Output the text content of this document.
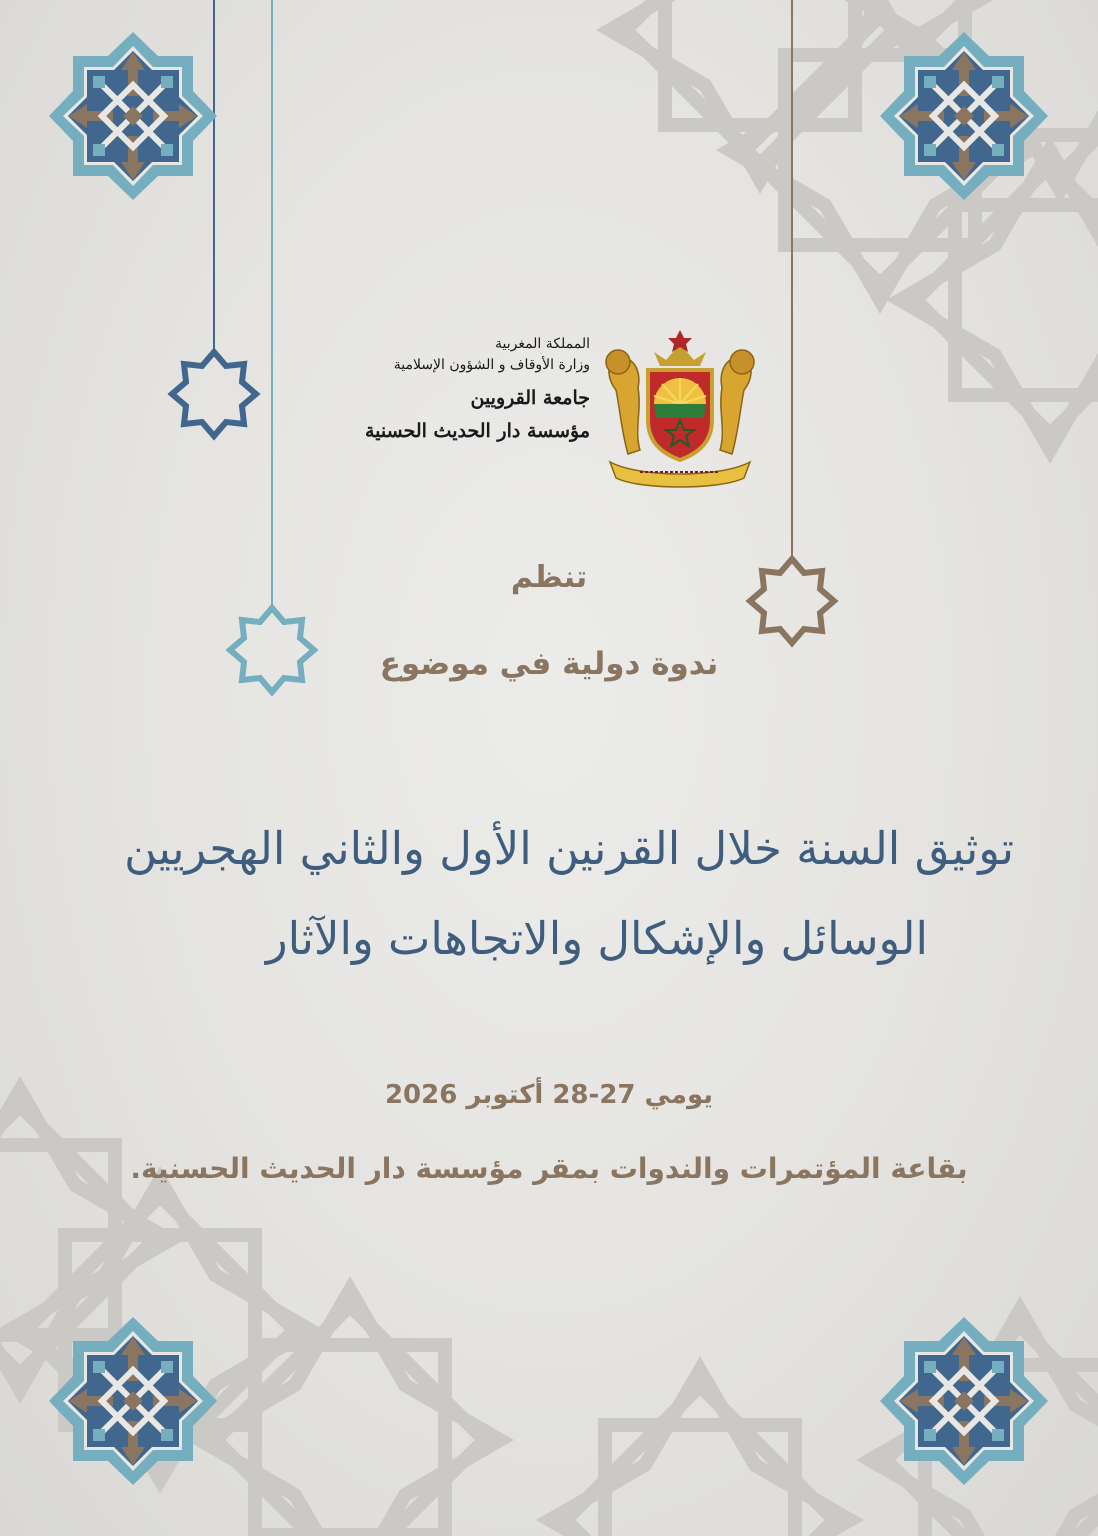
المملكة المغربية

وزارة الأوقاف و الشؤون الإسلامية

جامعة القرويين

مؤسسة دار الحديث الحسنية

تنظم

ندوة دولية في موضوع

توثيق السنة خلال القرنين الأول والثاني الهجريين

الوسائل والإشكال والاتجاهات والآثار

يومي 27-28 أكتوبر 2026

بقاعة المؤتمرات والندوات بمقر مؤسسة دار الحديث الحسنية.
